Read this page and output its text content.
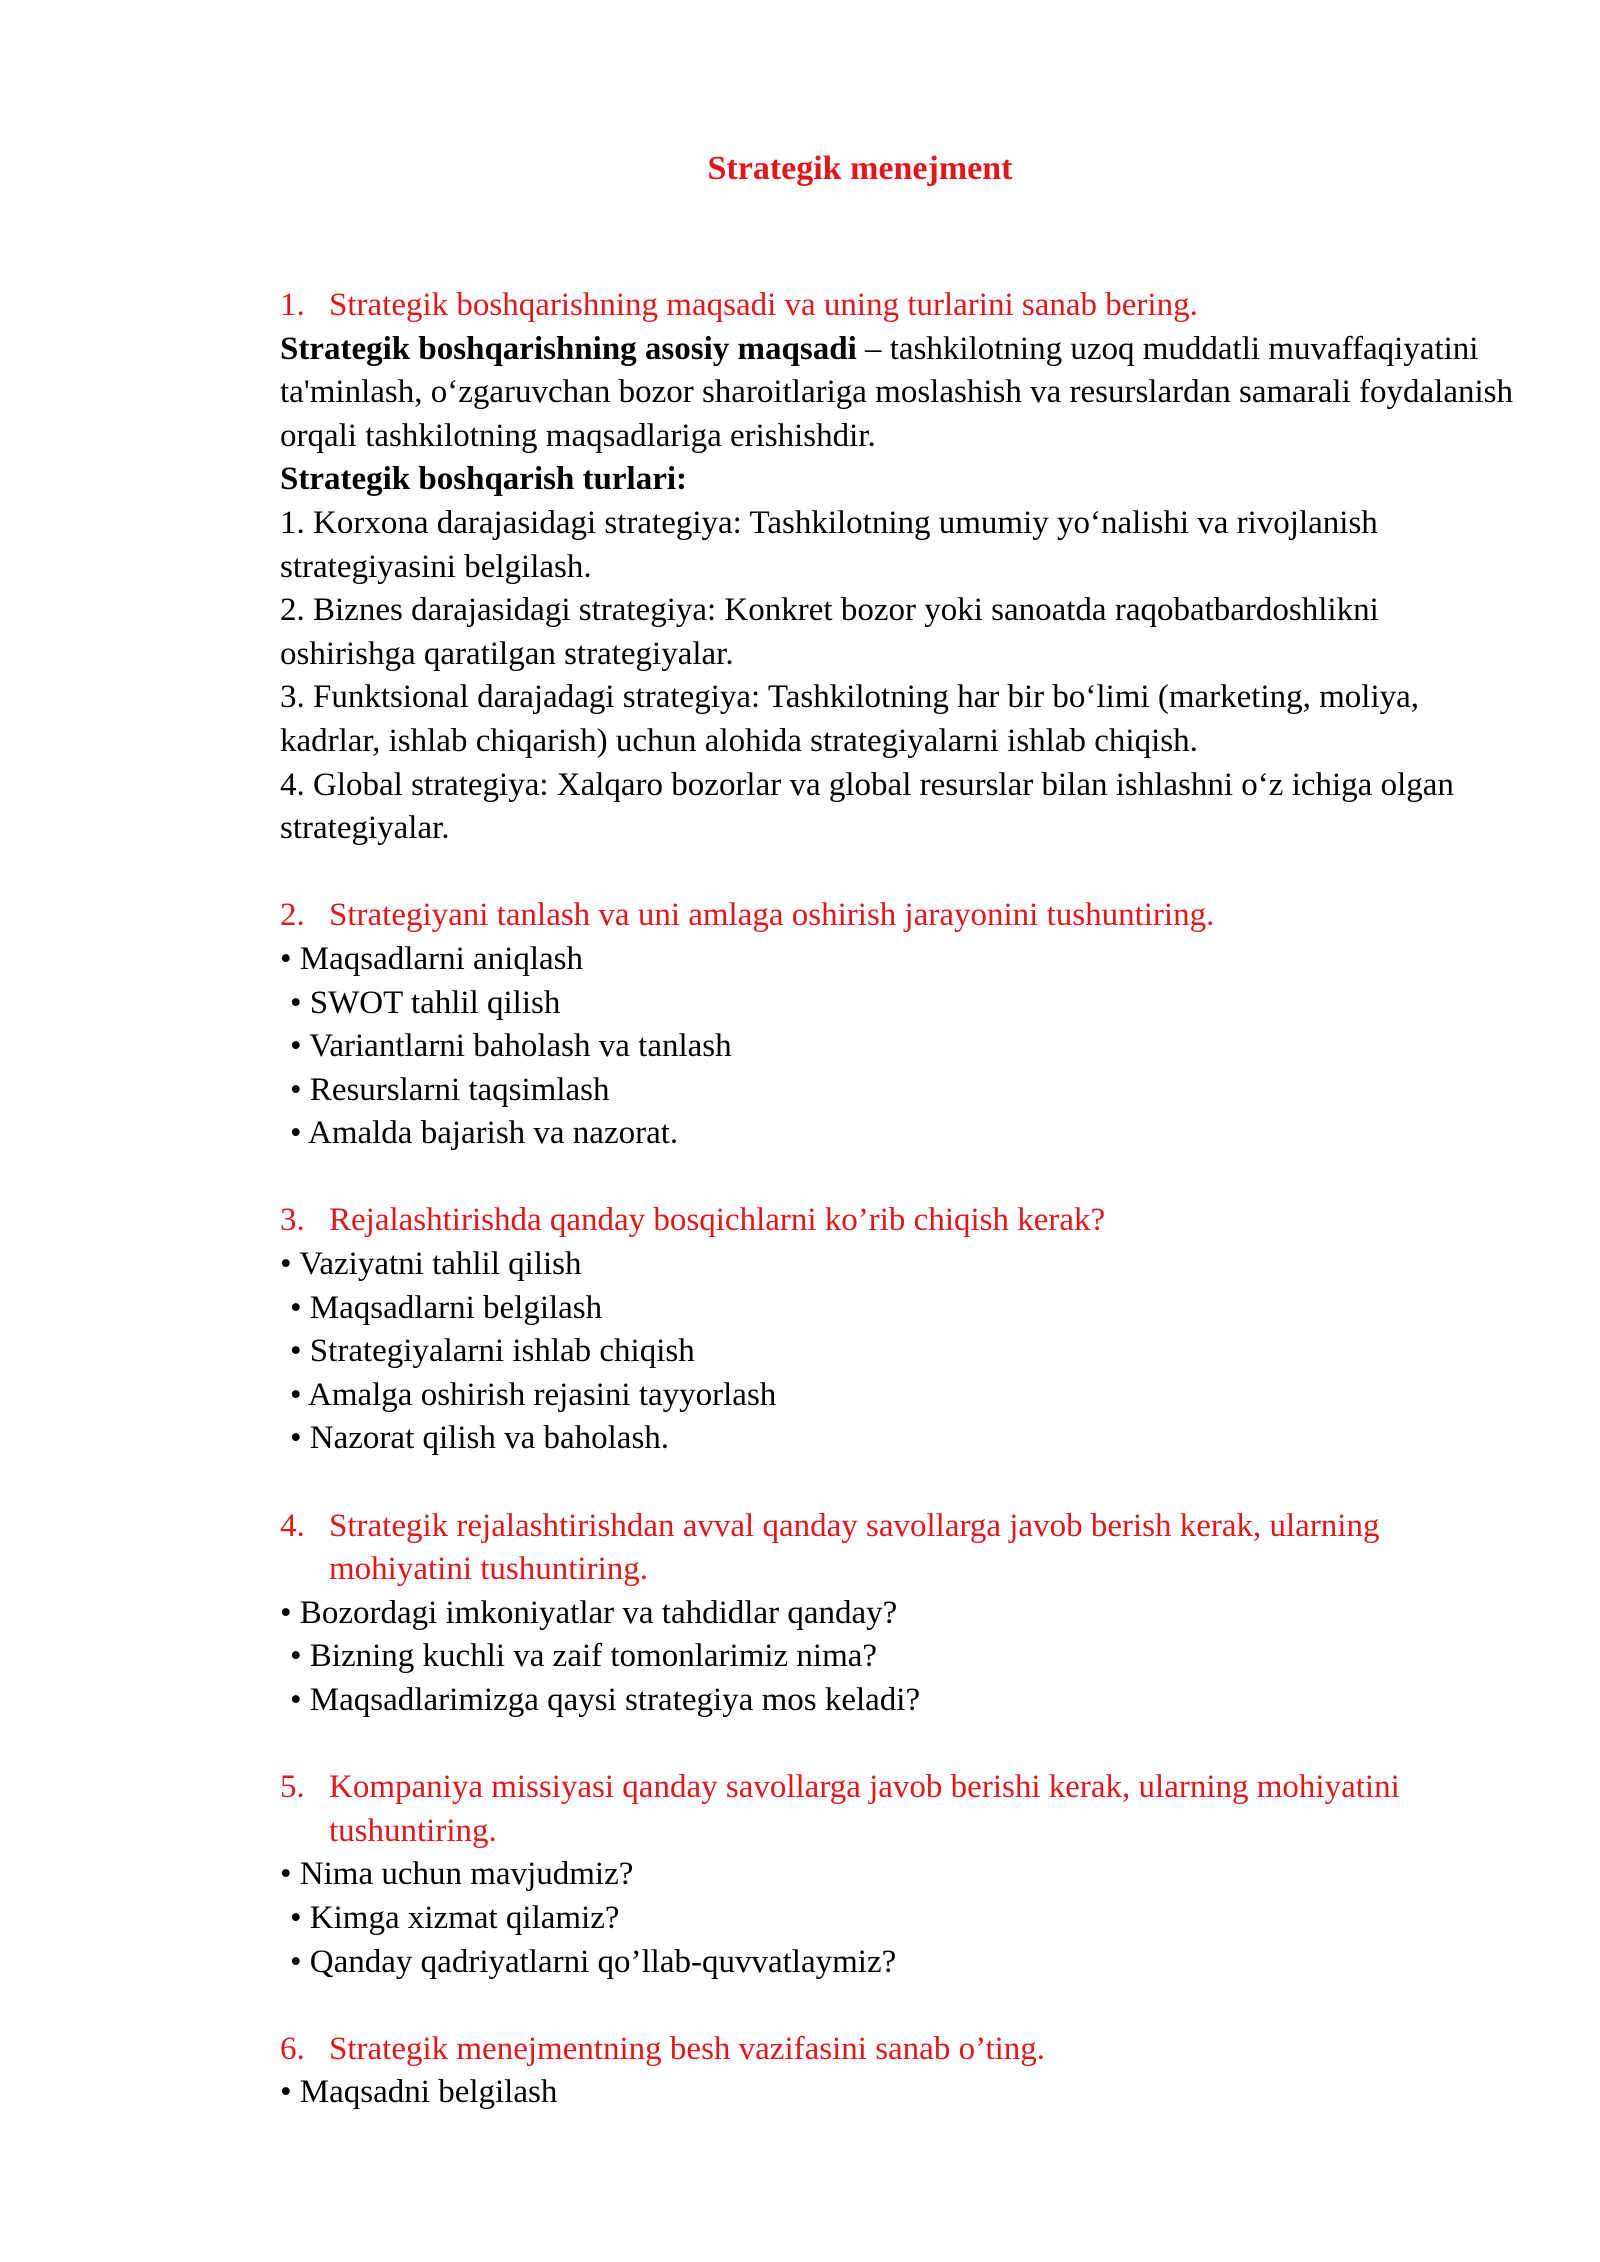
Strategik menejment
1. Strategik boshqarishning maqsadi va uning turlarini sanab bering.

Strategik boshqarishning asosiy maqsadi – tashkilotning uzoq muddatli muvaffaqiyatini ta'minlash, o‘zgaruvchan bozor sharoitlariga moslashish va resurslardan samarali foydalanish orqali tashkilotning maqsadlariga erishishdir.

Strategik boshqarish turlari:

1. Korxona darajasidagi strategiya: Tashkilotning umumiy yo‘nalishi va rivojlanish strategiyasini belgilash.

2. Biznes darajasidagi strategiya: Konkret bozor yoki sanoatda raqobatbardoshlikni oshirishga qaratilgan strategiyalar.

3. Funktsional darajadagi strategiya: Tashkilotning har bir bo‘limi (marketing, moliya, kadrlar, ishlab chiqarish) uchun alohida strategiyalarni ishlab chiqish.

4. Global strategiya: Xalqaro bozorlar va global resurslar bilan ishlashni o‘z ichiga olgan strategiyalar.

2. Strategiyani tanlash va uni amlaga oshirish jarayonini tushuntiring.

• Maqsadlarni aniqlash

• SWOT tahlil qilish

• Variantlarni baholash va tanlash

• Resurslarni taqsimlash

• Amalda bajarish va nazorat.

3. Rejalashtirishda qanday bosqichlarni ko’rib chiqish kerak?

• Vaziyatni tahlil qilish

• Maqsadlarni belgilash

• Strategiyalarni ishlab chiqish

• Amalga oshirish rejasini tayyorlash

• Nazorat qilish va baholash.

4. Strategik rejalashtirishdan avval qanday savollarga javob berish kerak, ularning mohiyatini tushuntiring.

• Bozordagi imkoniyatlar va tahdidlar qanday?

• Bizning kuchli va zaif tomonlarimiz nima?

• Maqsadlarimizga qaysi strategiya mos keladi?

5. Kompaniya missiyasi qanday savollarga javob berishi kerak, ularning mohiyatini tushuntiring.

• Nima uchun mavjudmiz?

• Kimga xizmat qilamiz?

• Qanday qadriyatlarni qo’llab-quvvatlaymiz?

6. Strategik menejmentning besh vazifasini sanab o’ting.

• Maqsadni belgilash
